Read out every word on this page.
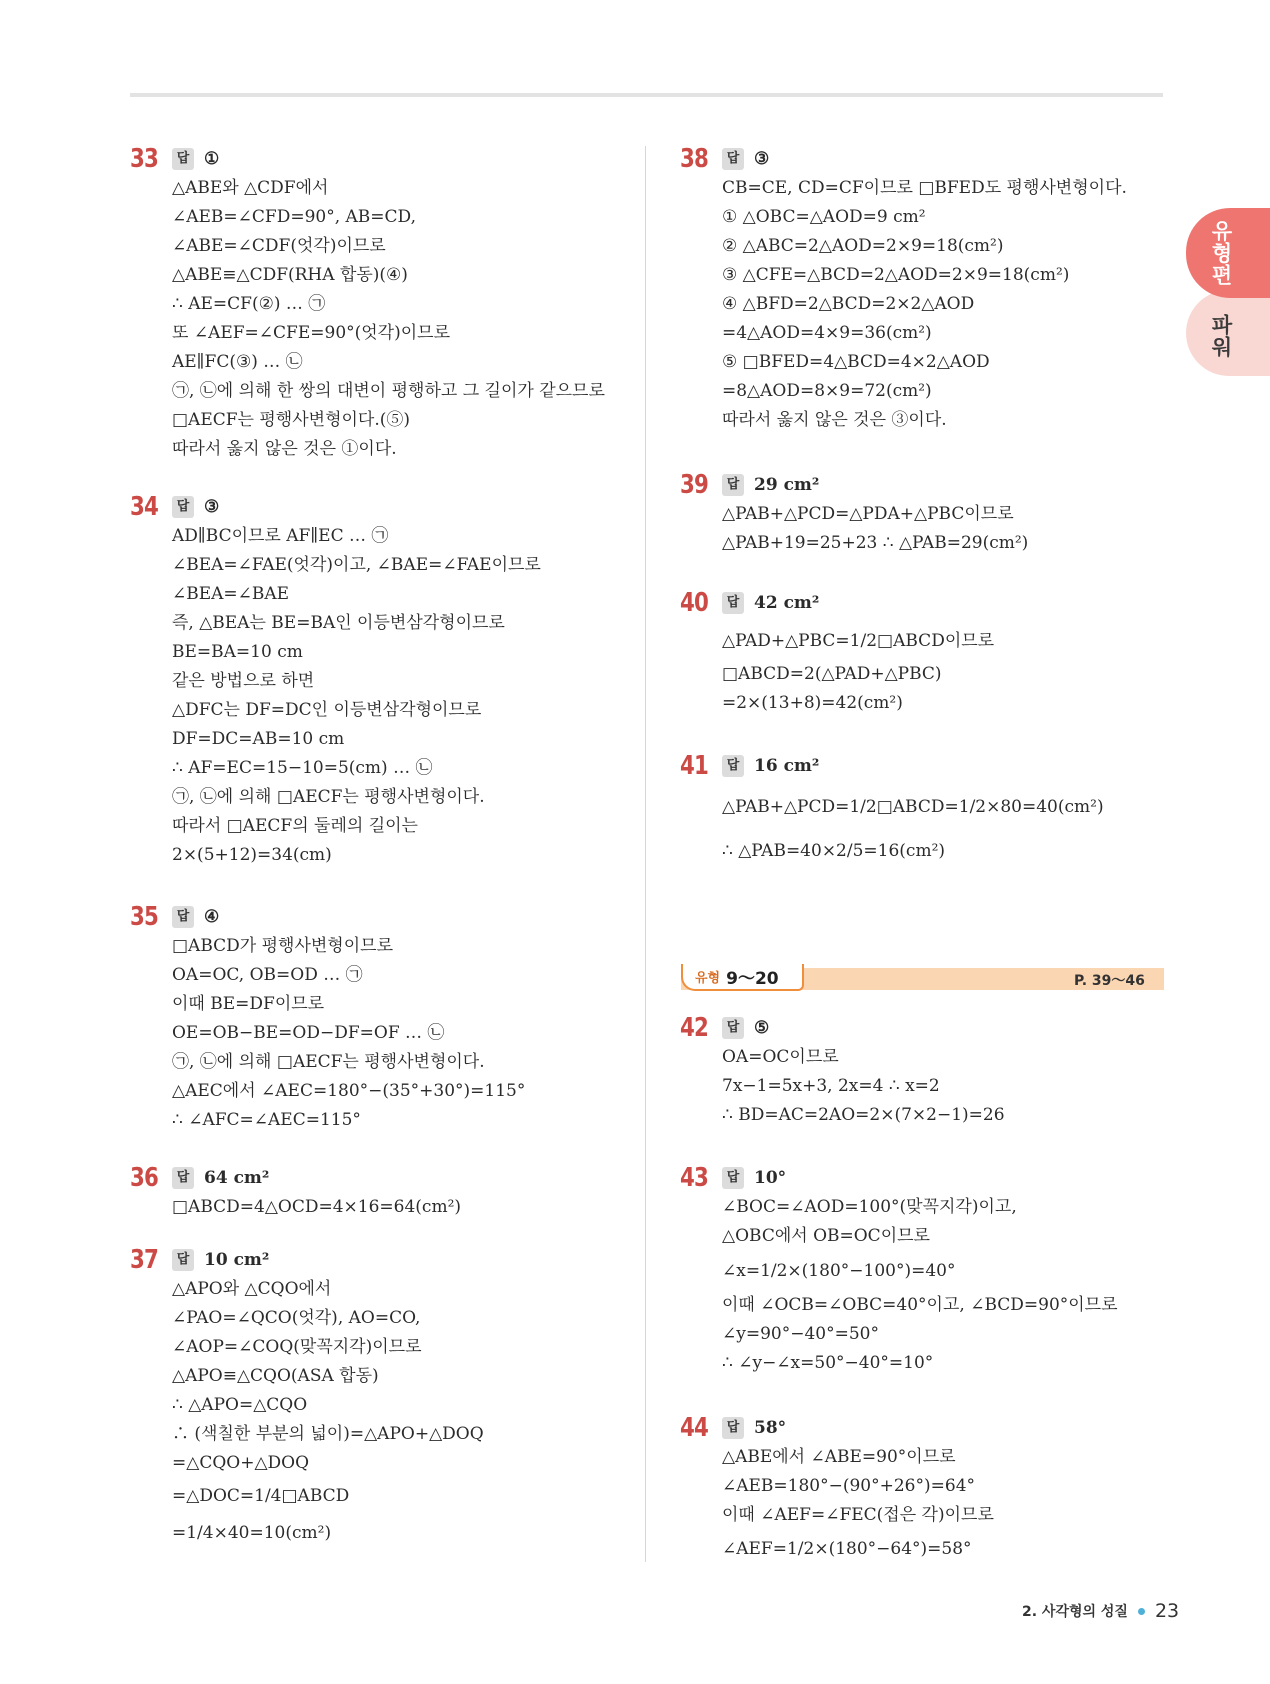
파워
유형편
33	답 ①
△ABE와 △CDF에서
∠AEB=∠CFD=90°, AB=CD,
∠ABE=∠CDF(엇각)이므로
△ABE≡△CDF(RHA 합동)(④)
∴ AE=CF(②) … ㉠
또 ∠AEF=∠CFE=90°(엇각)이므로
AE∥FC(③) … ㉡
㉠, ㉡에 의해 한 쌍의 대변이 평행하고 그 길이가 같으므로
□AECF는 평행사변형이다.(⑤)
따라서 옳지 않은 것은 ①이다.
34	답 ③
AD∥BC이므로 AF∥EC … ㉠
∠BEA=∠FAE(엇각)이고, ∠BAE=∠FAE이므로
∠BEA=∠BAE
즉, △BEA는 BE=BA인 이등변삼각형이므로
BE=BA=10 cm
같은 방법으로 하면
△DFC는 DF=DC인 이등변삼각형이므로
DF=DC=AB=10 cm
∴ AF=EC=15−10=5(cm) … ㉡
㉠, ㉡에 의해 □AECF는 평행사변형이다.
따라서 □AECF의 둘레의 길이는
2×(5+12)=34(cm)
35	답 ④
□ABCD가 평행사변형이므로
OA=OC, OB=OD … ㉠
이때 BE=DF이므로
OE=OB−BE=OD−DF=OF … ㉡
㉠, ㉡에 의해 □AECF는 평행사변형이다.
△AEC에서 ∠AEC=180°−(35°+30°)=115°
∴ ∠AFC=∠AEC=115°
36	답 64 cm²
□ABCD=4△OCD=4×16=64(cm²)
37	답 10 cm²
△APO와 △CQO에서
∠PAO=∠QCO(엇각), AO=CO,
∠AOP=∠COQ(맞꼭지각)이므로
△APO≡△CQO(ASA 합동)
∴ △APO=△CQO
∴ (색칠한 부분의 넓이)=△APO+△DOQ
=△CQO+△DOQ
=△DOC=1/4□ABCD
=1/4×40=10(cm²)
38	답 ③
CB=CE, CD=CF이므로 □BFED도 평행사변형이다.
① △OBC=△AOD=9 cm²
② △ABC=2△AOD=2×9=18(cm²)
③ △CFE=△BCD=2△AOD=2×9=18(cm²)
④ △BFD=2△BCD=2×2△AOD
=4△AOD=4×9=36(cm²)
⑤ □BFED=4△BCD=4×2△AOD
=8△AOD=8×9=72(cm²)
따라서 옳지 않은 것은 ③이다.
39	답 29 cm²
△PAB+△PCD=△PDA+△PBC이므로
△PAB+19=25+23 ∴ △PAB=29(cm²)
40	답 42 cm²
△PAD+△PBC=1/2□ABCD이므로
□ABCD=2(△PAD+△PBC)
=2×(13+8)=42(cm²)
41	답 16 cm²
△PAB+△PCD=1/2□ABCD=1/2×80=40(cm²)
∴ △PAB=40×2/5=16(cm²)
유형 9～20	P. 39～46
42	답 ⑤
OA=OC이므로
7x−1=5x+3, 2x=4 ∴ x=2
∴ BD=AC=2AO=2×(7×2−1)=26
43	답 10°
∠BOC=∠AOD=100°(맞꼭지각)이고,
△OBC에서 OB=OC이므로
∠x=1/2×(180°−100°)=40°
이때 ∠OCB=∠OBC=40°이고, ∠BCD=90°이므로
∠y=90°−40°=50°
∴ ∠y−∠x=50°−40°=10°
44	답 58°
△ABE에서 ∠ABE=90°이므로
∠AEB=180°−(90°+26°)=64°
이때 ∠AEF=∠FEC(접은 각)이므로
∠AEF=1/2×(180°−64°)=58°
2. 사각형의 성질 23
